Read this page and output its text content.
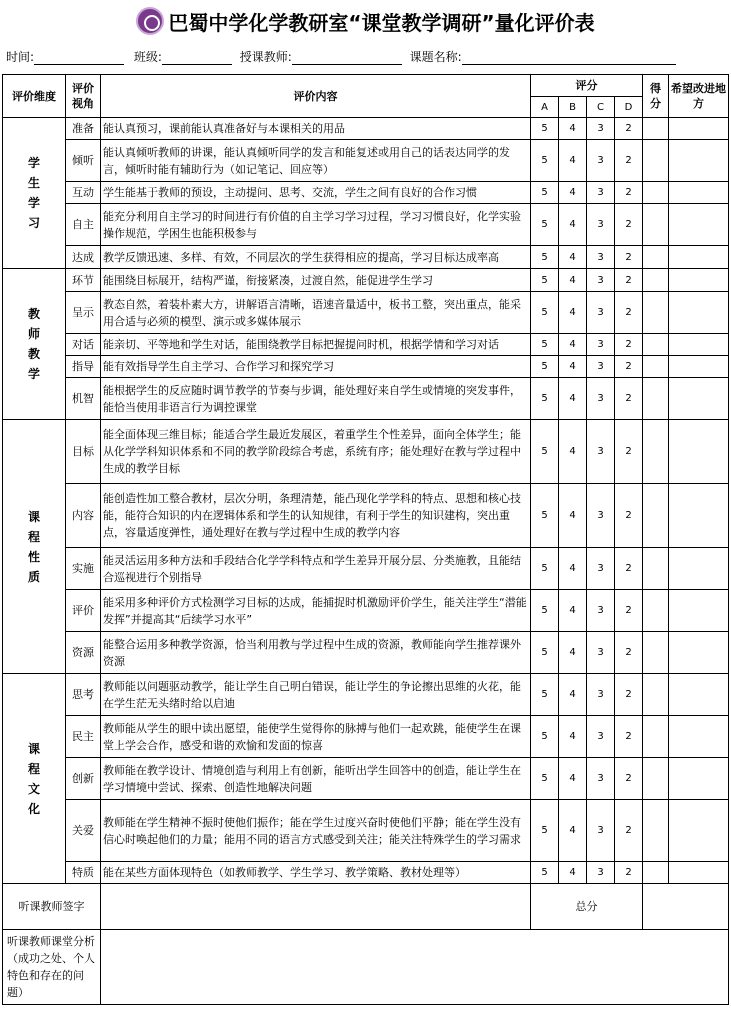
巴蜀中学化学教研室“课堂教学调研”量化评价表
时间:	班级:	授课教师:	课题名称:
评价维度	评价视角	评价内容	评分				得分	希望改进地方
			A	B	C	D		
学生学习	准备	能认真预习，课前能认真准备好与本课相关的用品	5	4	3	2		
	倾听	能认真倾听教师的讲课，能认真倾听同学的发言和能复述或用自己的话表达同学的发言，倾听时能有辅助行为（如记笔记、回应等）	5	4	3	2		
	互动	学生能基于教师的预设，主动提问、思考、交流，学生之间有良好的合作习惯	5	4	3	2		
	自主	能充分利用自主学习的时间进行有价值的自主学习学习过程，学习习惯良好，化学实验操作规范，学困生也能积极参与	5	4	3	2		
	达成	教学反馈迅速、多样、有效，不同层次的学生获得相应的提高，学习目标达成率高	5	4	3	2		
教师教学	环节	能围绕目标展开，结构严谨，衔接紧凑，过渡自然，能促进学生学习	5	4	3	2		
	呈示	教态自然，着装朴素大方，讲解语言清晰，语速音量适中，板书工整，突出重点，能采用合适与必须的模型、演示或多媒体展示	5	4	3	2		
	对话	能亲切、平等地和学生对话，能围绕教学目标把握提问时机，根据学情和学习对话	5	4	3	2		
	指导	能有效指导学生自主学习、合作学习和探究学习	5	4	3	2		
	机智	能根据学生的反应随时调节教学的节奏与步调，能处理好来自学生或情境的突发事件，能恰当使用非语言行为调控课堂	5	4	3	2		
课程性质	目标	能全面体现三维目标；能适合学生最近发展区，着重学生个性差异，面向全体学生；能从化学学科知识体系和不同的教学阶段综合考虑，系统有序；能处理好在教与学过程中生成的教学目标	5	4	3	2		
	内容	能创造性加工整合教材，层次分明，条理清楚，能凸现化学学科的特点、思想和核心技能，能符合知识的内在逻辑体系和学生的认知规律，有利于学生的知识建构，突出重点，容量适度弹性，通处理好在教与学过程中生成的教学内容	5	4	3	2		
	实施	能灵活运用多种方法和手段结合化学学科特点和学生差异开展分层、分类施教，且能结合巡视进行个别指导	5	4	3	2		
	评价	能采用多种评价方式检测学习目标的达成，能捕捉时机激励评价学生，能关注学生“潜能发挥”并提高其“后续学习水平”	5	4	3	2		
	资源	能整合运用多种教学资源，恰当利用教与学过程中生成的资源，教师能向学生推荐课外资源	5	4	3	2		
课程文化	思考	教师能以问题驱动教学，能让学生自己明白错误，能让学生的争论擦出思维的火花，能在学生茫无头绪时给以启迪	5	4	3	2		
	民主	教师能从学生的眼中读出愿望，能使学生觉得你的脉搏与他们一起欢跳，能使学生在课堂上学会合作，感受和谐的欢愉和发面的惊喜	5	4	3	2		
	创新	教师能在教学设计、情境创造与利用上有创新，能听出学生回答中的创造，能让学生在学习情境中尝试、探索、创造性地解决问题	5	4	3	2		
	关爱	教师能在学生精神不振时使他们振作；能在学生过度兴奋时使他们平静；能在学生没有信心时唤起他们的力量；能用不同的语言方式感受到关注；能关注特殊学生的学习需求	5	4	3	2		
	特质	能在某些方面体现特色（如教师教学、学生学习、教学策略、教材处理等）	5	4	3	2		
听课教师签字			总分					
听课教师课堂分析（成功之处、个人特色和存在的问题）								
